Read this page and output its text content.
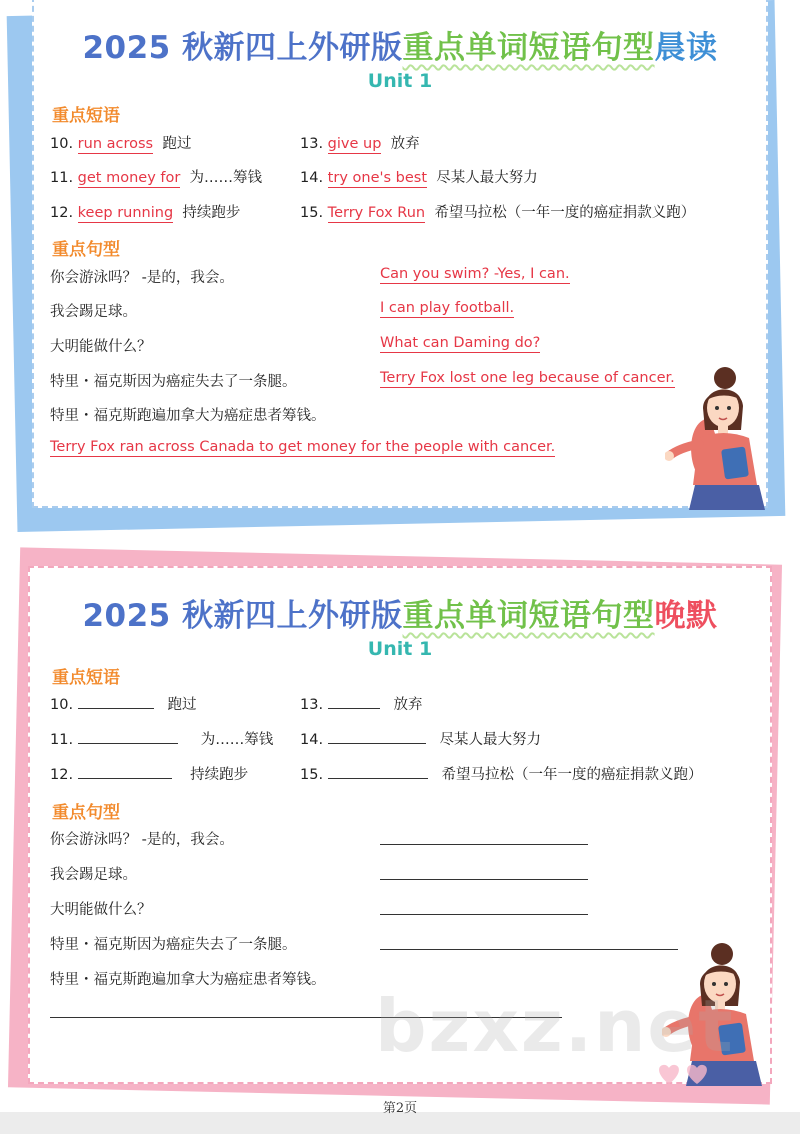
2025 秋新四上外研版重点单词短语句型晨读
Unit 1
重点短语
10. run across 跑过
11. get money for 为……筹钱
12. keep running 持续跑步
13. give up 放弃
14. try one's best 尽某人最大努力
15. Terry Fox Run 希望马拉松（一年一度的癌症捐款义跑）
重点句型
你会游泳吗？ -是的，我会。	Can you swim? -Yes, I can.
我会踢足球。	I can play football.
大明能做什么？	What can Daming do?
特里・福克斯因为癌症失去了一条腿。	Terry Fox lost one leg because of cancer.
特里・福克斯跑遍加拿大为癌症患者筹钱。
Terry Fox ran across Canada to get money for the people with cancer.
2025 秋新四上外研版重点单词短语句型晚默
Unit 1
重点短语
10.	跑过
11.	为……筹钱
12.	持续跑步
13.	放弃
14.	尽某人最大努力
15.	希望马拉松（一年一度的癌症捐款义跑）
重点句型
你会游泳吗？ -是的，我会。
我会踢足球。
大明能做什么？
特里・福克斯因为癌症失去了一条腿。
特里・福克斯跑遍加拿大为癌症患者筹钱。
bzxz.net
第2页
